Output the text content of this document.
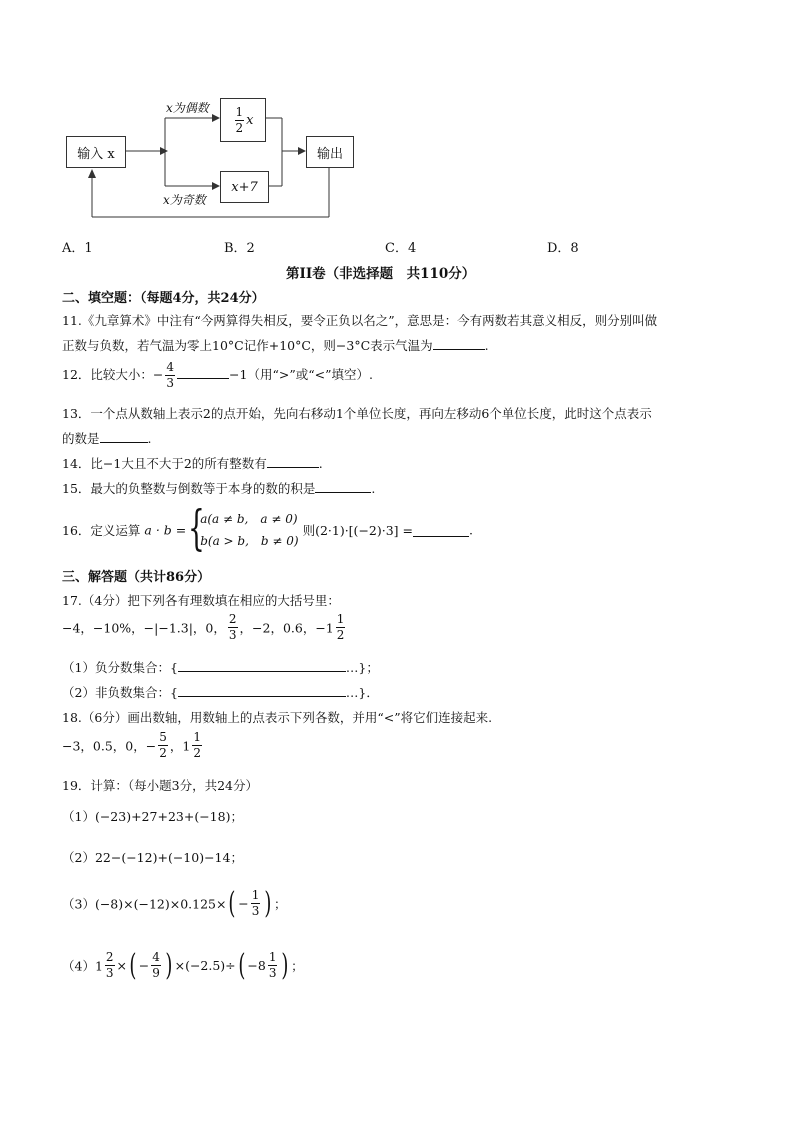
输入 x
x为偶数 $\frac{1}{2}$ x
x+7
x为奇数
输出
A．1	B．2	C．4	D．8
第II卷（非选择题　共110分）
二、填空题：（每题4分，共24分）
11.《九章算术》中注有“今两算得失相反，要令正负以名之”，意思是：今有两数若其意义相反，则分别叫做
正数与负数，若气温为零上10°C记作+10°C，则−3°C表示气温为	.
12．比较大小：− $\frac{4}{3}$	−1（用“>”或“<”填空）.
13．一个点从数轴上表示2的点开始，先向右移动1个单位长度，再向左移动6个单位长度，此时这个点表示
的数是	.
14．比−1大且不大于2的所有整数有	.
15．最大的负整数与倒数等于本身的数的积是	.
16．定义运算 a · b = {
a(a ≠ b,　a ≠ 0)
b(a > b,　b ≠ 0)
则(2·1)·[(−2)·3] =	.
三、解答题（共计86分）
17.（4分）把下列各有理数填在相应的大括号里：
−4，−10%，−|−1.3|，0， $\frac{2}{3}$ ，−2，0.6，$-1 \frac{1}{2}$
（1）负分数集合：{	…}；
（2）非负数集合：{	…}．
18.（6分）画出数轴，用数轴上的点表示下列各数，并用“<”将它们连接起来.
−3，0.5，0，− $\frac{5}{2}$ ，$1 \frac{1}{2}$
19．计算：（每小题3分，共24分）
（1）(−23)+27+23+(−18)；
（2）22−(−12)+(−10)−14；
$(3)(-8)\times(-12)\times 0.125\times( - \frac{1}{3}$ ) ；
$(4)1 \frac{2}{3}$ ×( − $\frac{4}{9}$ ) $\times(-2.5)\div( -8 \frac{1}{3}$ ) ；
